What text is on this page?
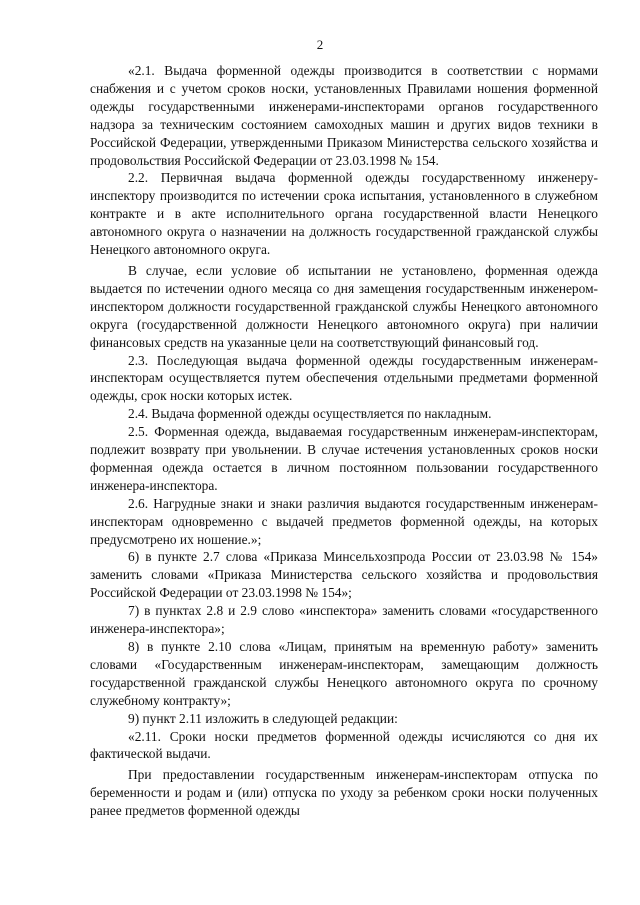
2

«2.1. Выдача форменной одежды производится в соответствии с нормами снабжения и с учетом сроков носки, установленных Правилами ношения форменной одежды государственными инженерами-инспекторами органов государственного надзора за техническим состоянием самоходных машин и других видов техники в Российской Федерации, утвержденными Приказом Министерства сельского хозяйства и продовольствия Российской Федерации от 23.03.1998 № 154.

2.2. Первичная выдача форменной одежды государственному инженеру-инспектору производится по истечении срока испытания, установленного в служебном контракте и в акте исполнительного органа государственной власти Ненецкого автономного округа о назначении на должность государственной гражданской службы Ненецкого автономного округа.

В случае, если условие об испытании не установлено, форменная одежда выдается по истечении одного месяца со дня замещения государственным инженером-инспектором должности государственной гражданской службы Ненецкого автономного округа (государственной должности Ненецкого автономного округа) при наличии финансовых средств на указанные цели на соответствующий финансовый год.

2.3. Последующая выдача форменной одежды государственным инженерам-инспекторам осуществляется путем обеспечения отдельными предметами форменной одежды, срок носки которых истек.

2.4. Выдача форменной одежды осуществляется по накладным.

2.5. Форменная одежда, выдаваемая государственным инженерам-инспекторам, подлежит возврату при увольнении. В случае истечения установленных сроков носки форменная одежда остается в личном постоянном пользовании государственного инженера-инспектора.

2.6. Нагрудные знаки и знаки различия выдаются государственным инженерам-инспекторам одновременно с выдачей предметов форменной одежды, на которых предусмотрено их ношение.»;

6) в пункте 2.7 слова «Приказа Минсельхозпрода России от 23.03.98 № 154» заменить словами «Приказа Министерства сельского хозяйства и продовольствия Российской Федерации от 23.03.1998 № 154»;

7) в пунктах 2.8 и 2.9 слово «инспектора» заменить словами «государственного инженера-инспектора»;

8) в пункте 2.10 слова «Лицам, принятым на временную работу» заменить словами «Государственным инженерам-инспекторам, замещающим должность государственной гражданской службы Ненецкого автономного округа по срочному служебному контракту»;

9) пункт 2.11 изложить в следующей редакции:

«2.11. Сроки носки предметов форменной одежды исчисляются со дня их фактической выдачи.

При предоставлении государственным инженерам-инспекторам отпуска по беременности и родам и (или) отпуска по уходу за ребенком сроки носки полученных ранее предметов форменной одежды
